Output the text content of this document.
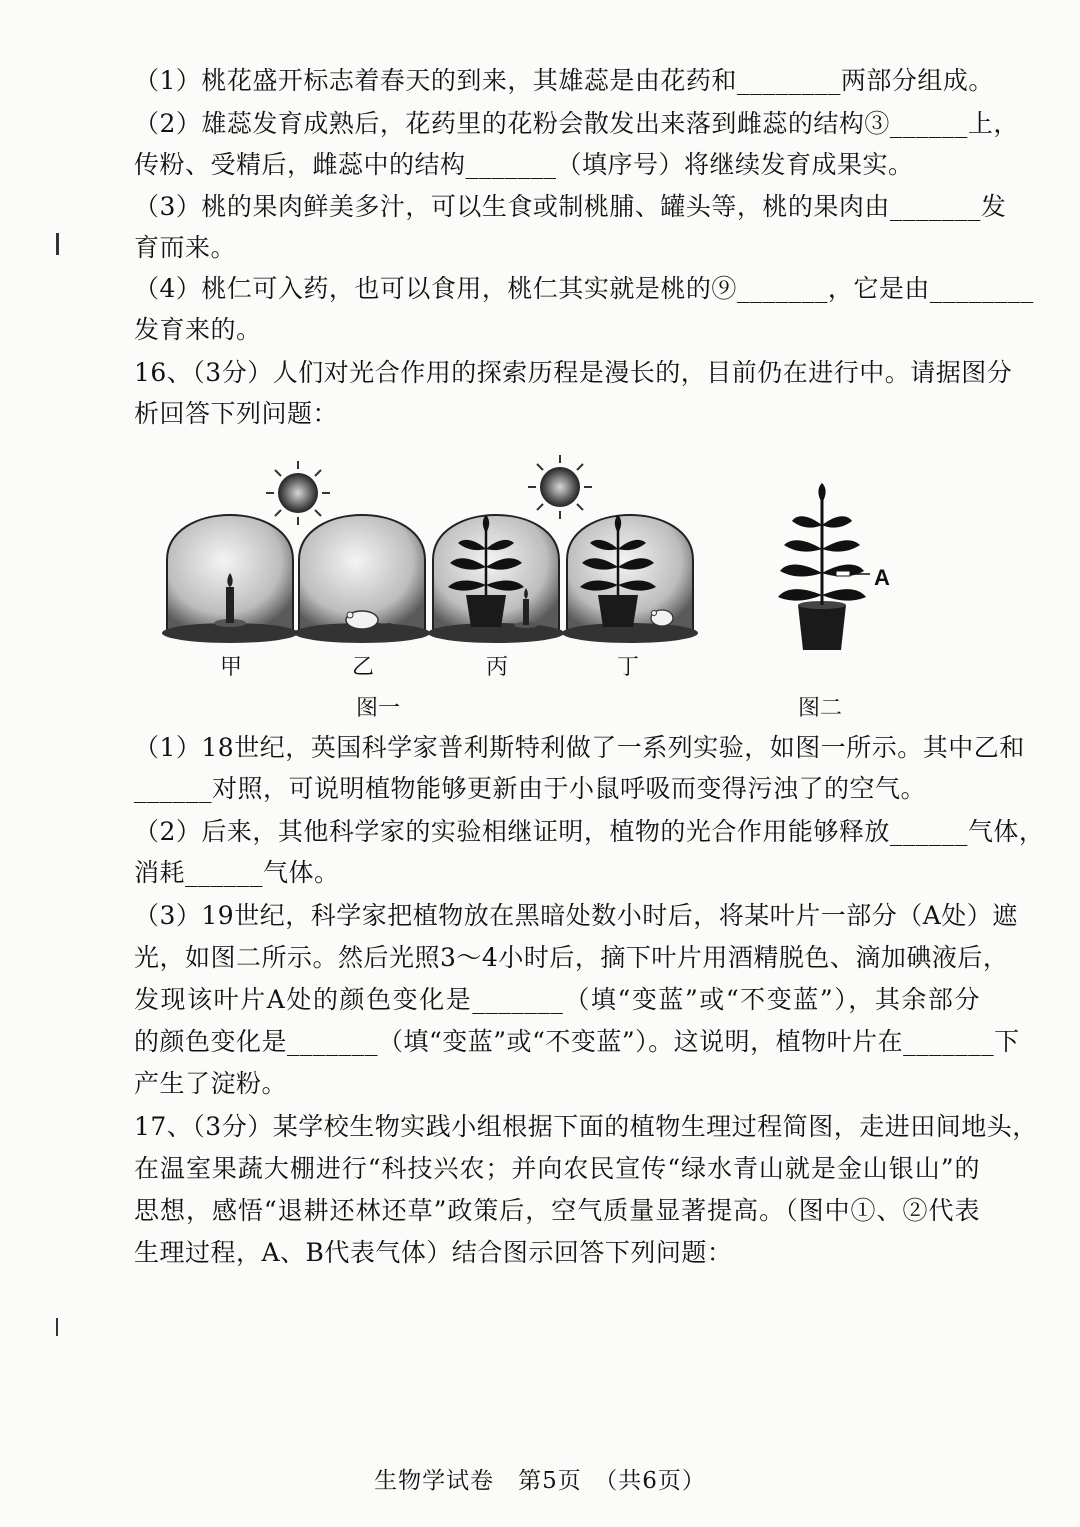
（1）桃花盛开标志着春天的到来，其雄蕊是由花药和________两部分组成。
（2）雄蕊发育成熟后，花药里的花粉会散发出来落到雌蕊的结构③______上，
传粉、受精后，雌蕊中的结构_______（填序号）将继续发育成果实。
（3）桃的果肉鲜美多汁，可以生食或制桃脯、罐头等，桃的果肉由_______发
育而来。
（4）桃仁可入药，也可以食用，桃仁其实就是桃的⑨_______，它是由________
发育来的。
16、（3分）人们对光合作用的探索历程是漫长的，目前仍在进行中。请据图分
析回答下列问题：
甲	乙	丙	丁
A
图一	图二
（1）18世纪，英国科学家普利斯特利做了一系列实验，如图一所示。其中乙和
______对照，可说明植物能够更新由于小鼠呼吸而变得污浊了的空气。
（2）后来，其他科学家的实验相继证明，植物的光合作用能够释放______气体，
消耗______气体。
（3）19世纪，科学家把植物放在黑暗处数小时后，将某叶片一部分（A处）遮
光，如图二所示。然后光照3～4小时后，摘下叶片用酒精脱色、滴加碘液后，
发现该叶片A处的颜色变化是_______（填“变蓝”或“不变蓝”），其余部分
的颜色变化是_______（填“变蓝”或“不变蓝”）。这说明，植物叶片在_______下
产生了淀粉。
17、（3分）某学校生物实践小组根据下面的植物生理过程简图，走进田间地头，
在温室果蔬大棚进行“科技兴农；并向农民宣传“绿水青山就是金山银山”的
思想，感悟“退耕还林还草”政策后，空气质量显著提高。（图中①、②代表
生理过程，A、B代表气体）结合图示回答下列问题：
生物学试卷　第5页　（共6页）
